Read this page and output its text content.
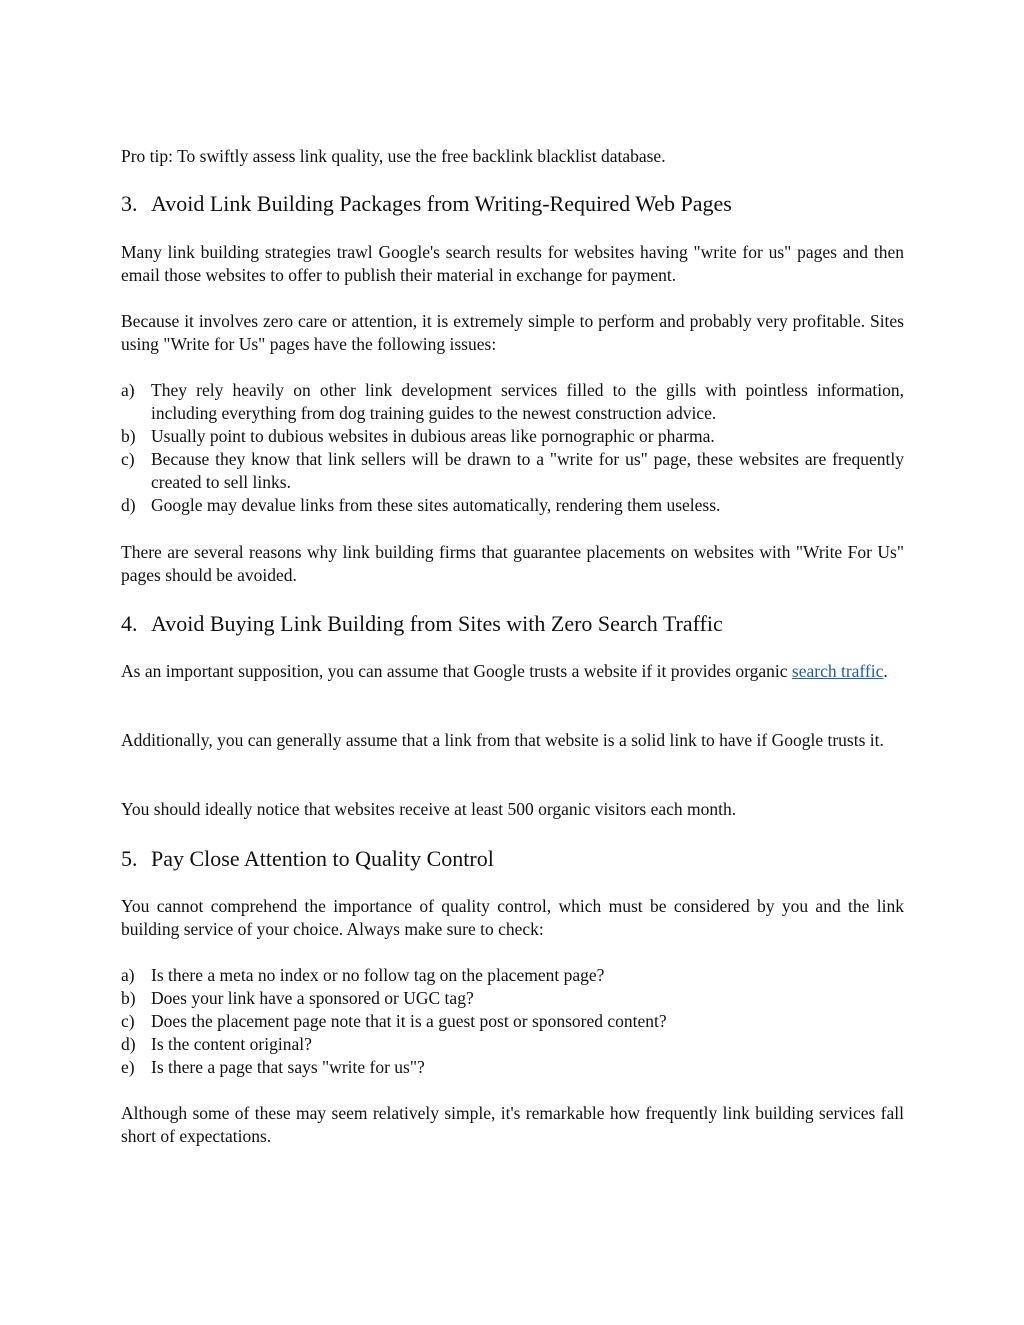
Pro tip: To swiftly assess link quality, use the free backlink blacklist database.

3. Avoid Link Building Packages from Writing-Required Web Pages

Many link building strategies trawl Google's search results for websites having "write for us" pages and then email those websites to offer to publish their material in exchange for payment.

Because it involves zero care or attention, it is extremely simple to perform and probably very profitable. Sites using "Write for Us" pages have the following issues:

a) They rely heavily on other link development services filled to the gills with pointless information, including everything from dog training guides to the newest construction advice.
b) Usually point to dubious websites in dubious areas like pornographic or pharma.
c) Because they know that link sellers will be drawn to a "write for us" page, these websites are frequently created to sell links.
d) Google may devalue links from these sites automatically, rendering them useless.

There are several reasons why link building firms that guarantee placements on websites with "Write For Us" pages should be avoided.

4. Avoid Buying Link Building from Sites with Zero Search Traffic

As an important supposition, you can assume that Google trusts a website if it provides organic search traffic.

Additionally, you can generally assume that a link from that website is a solid link to have if Google trusts it.

You should ideally notice that websites receive at least 500 organic visitors each month.

5. Pay Close Attention to Quality Control

You cannot comprehend the importance of quality control, which must be considered by you and the link building service of your choice. Always make sure to check:

a) Is there a meta no index or no follow tag on the placement page?
b) Does your link have a sponsored or UGC tag?
c) Does the placement page note that it is a guest post or sponsored content?
d) Is the content original?
e) Is there a page that says "write for us"?

Although some of these may seem relatively simple, it's remarkable how frequently link building services fall short of expectations.
